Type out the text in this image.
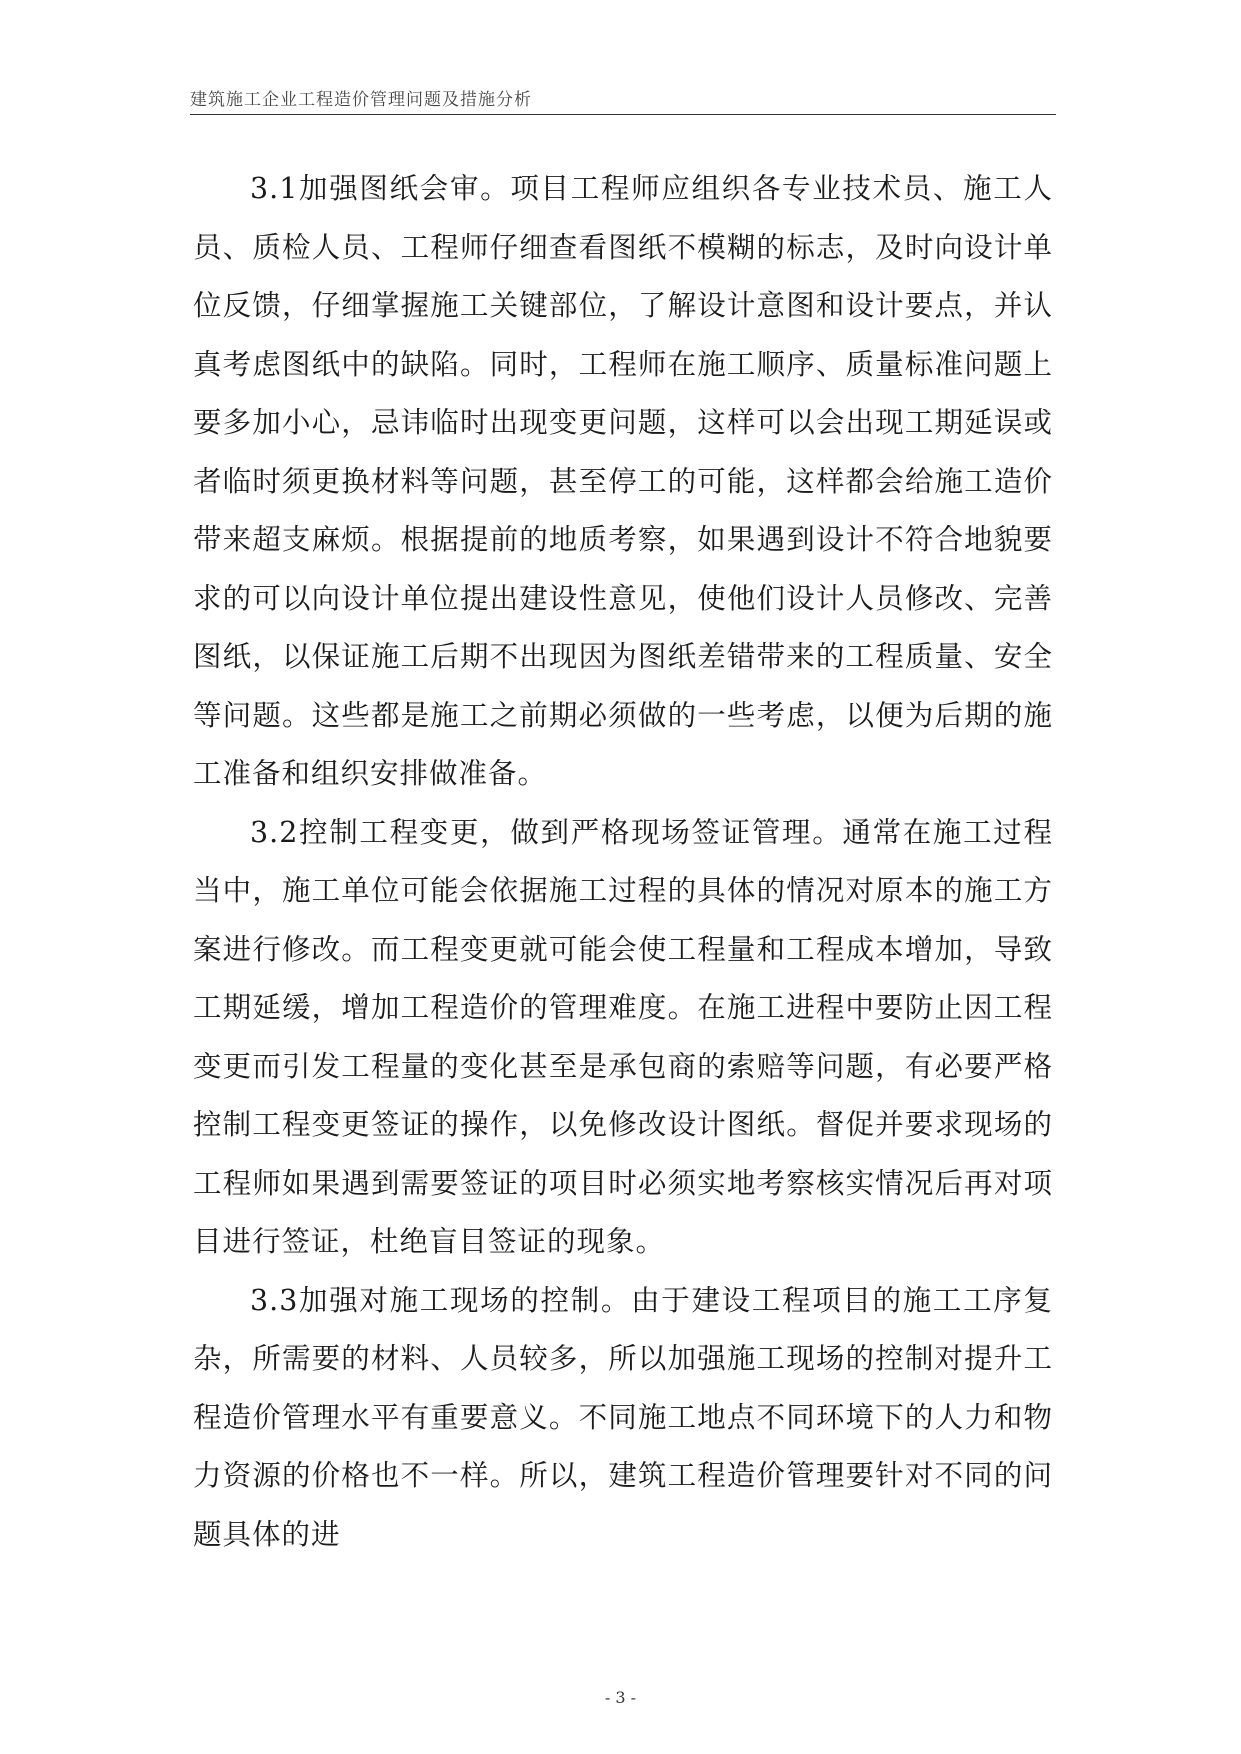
建筑施工企业工程造价管理问题及措施分析

3.1加强图纸会审。项目工程师应组织各专业技术员、施工人员、质检人员、工程师仔细查看图纸不模糊的标志，及时向设计单位反馈，仔细掌握施工关键部位，了解设计意图和设计要点，并认真考虑图纸中的缺陷。同时，工程师在施工顺序、质量标准问题上要多加小心，忌讳临时出现变更问题，这样可以会出现工期延误或者临时须更换材料等问题，甚至停工的可能，这样都会给施工造价带来超支麻烦。根据提前的地质考察，如果遇到设计不符合地貌要求的可以向设计单位提出建设性意见，使他们设计人员修改、完善图纸，以保证施工后期不出现因为图纸差错带来的工程质量、安全等问题。这些都是施工之前期必须做的一些考虑，以便为后期的施工准备和组织安排做准备。

3.2控制工程变更，做到严格现场签证管理。通常在施工过程当中，施工单位可能会依据施工过程的具体的情况对原本的施工方案进行修改。而工程变更就可能会使工程量和工程成本增加，导致工期延缓，增加工程造价的管理难度。在施工进程中要防止因工程变更而引发工程量的变化甚至是承包商的索赔等问题，有必要严格控制工程变更签证的操作，以免修改设计图纸。督促并要求现场的工程师如果遇到需要签证的项目时必须实地考察核实情况后再对项目进行签证，杜绝盲目签证的现象。

3.3加强对施工现场的控制。由于建设工程项目的施工工序复杂，所需要的材料、人员较多，所以加强施工现场的控制对提升工程造价管理水平有重要意义。不同施工地点不同环境下的人力和物力资源的价格也不一样。所以，建筑工程造价管理要针对不同的问题具体的进

- 3 -
